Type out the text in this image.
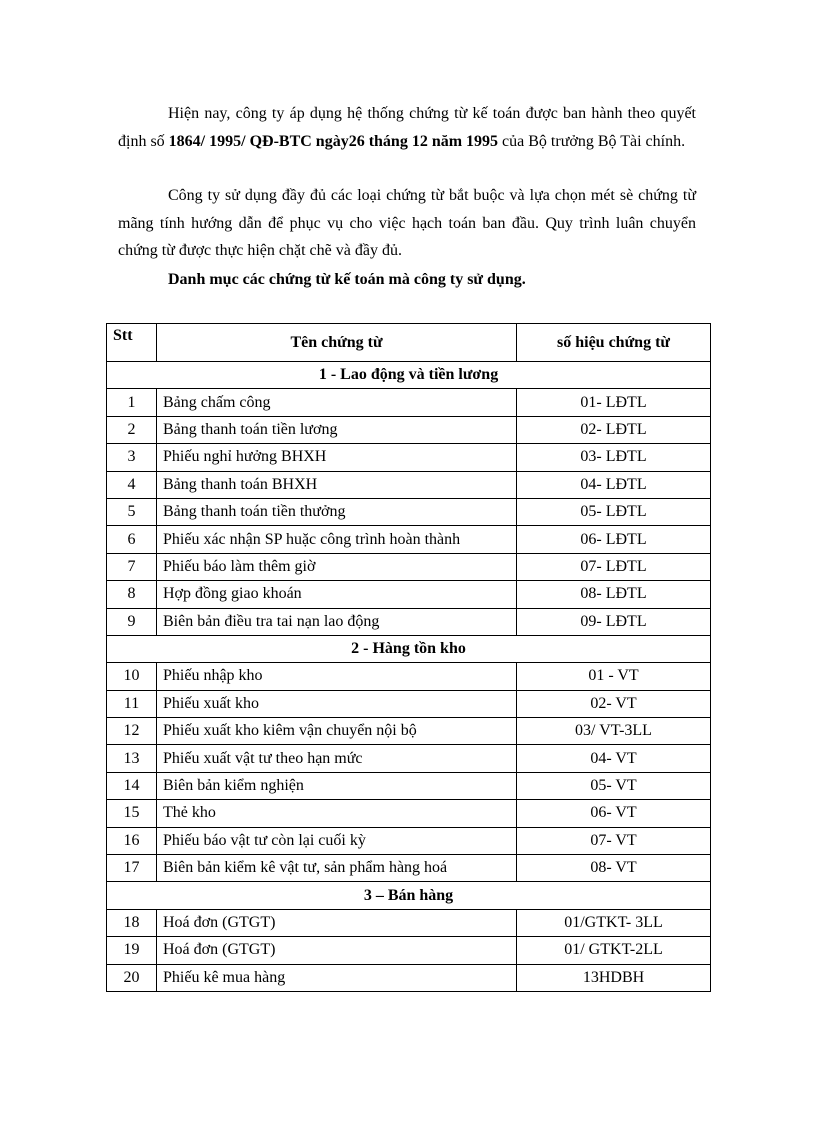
Hiện nay, công ty áp dụng hệ thống chứng từ kế toán được ban hành theo quyết định số 1864/ 1995/ QĐ-BTC ngày26 tháng 12 năm 1995 của Bộ trưởng Bộ Tài chính.

Công ty sử dụng đầy đủ các loại chứng từ bắt buộc và lựa chọn mét sè chứng từ mãng tính hướng dẫn để phục vụ cho việc hạch toán ban đầu. Quy trình luân chuyển chứng từ được thực hiện chặt chẽ và đầy đủ.

Danh mục các chứng từ kế toán mà công ty sử dụng.
Stt	Tên chứng từ	số hiệu chứng từ
1 - Lao động và tiền lương		
1	Bảng chấm công	01- LĐTL
2	Bảng thanh toán tiền lương	02- LĐTL
3	Phiếu nghỉ hưởng BHXH	03- LĐTL
4	Bảng thanh toán BHXH	04- LĐTL
5	Bảng thanh toán tiền thưởng	05- LĐTL
6	Phiếu xác nhận SP huặc công trình hoàn thành	06- LĐTL
7	Phiếu báo làm thêm giờ	07- LĐTL
8	Hợp đồng giao khoán	08- LĐTL
9	Biên bản điều tra tai nạn lao động	09- LĐTL
2 - Hàng tồn kho		
10	Phiếu nhập kho	01 - VT
11	Phiếu xuất kho	02- VT
12	Phiếu xuất kho kiêm vận chuyển nội bộ	03/ VT-3LL
13	Phiếu xuất vật tư theo hạn mức	04- VT
14	Biên bản kiểm nghiện	05- VT
15	Thẻ kho	06- VT
16	Phiếu báo vật tư còn lại cuối kỳ	07- VT
17	Biên bản kiểm kê vật tư, sản phẩm hàng hoá	08- VT
3 – Bán hàng		
18	Hoá đơn (GTGT)	01/GTKT- 3LL
19	Hoá đơn (GTGT)	01/ GTKT-2LL
20	Phiếu kê mua hàng	13HDBH
